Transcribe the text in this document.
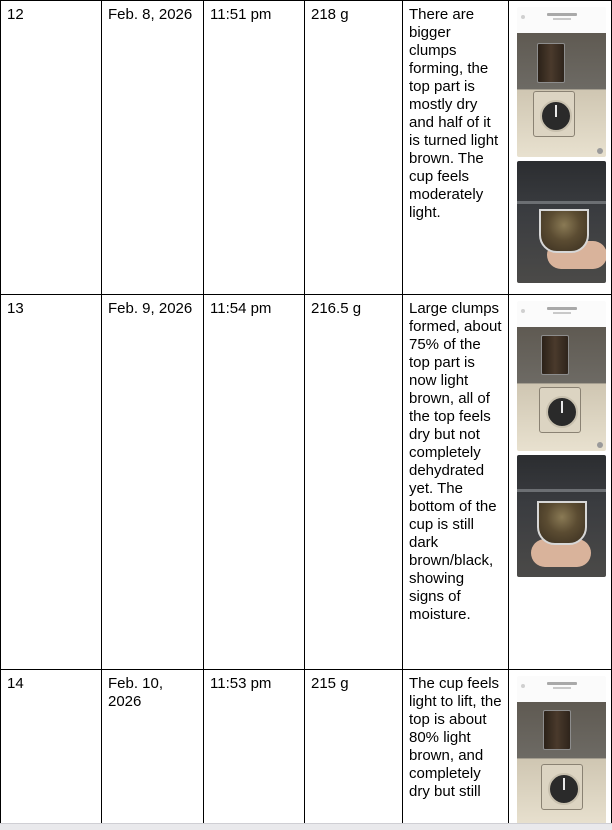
12	Feb. 8, 2026	11:51 pm	218 g	There are bigger clumps forming, the top part is mostly dry and half of it is turned light brown. The cup feels moderately light.	

13	Feb. 9, 2026	11:54 pm	216.5 g	Large clumps formed, about 75% of the top part is now light brown, all of the top feels dry but not completely dehydrated yet. The bottom of the cup is still dark brown/black, showing signs of moisture.	

14	Feb. 10, 2026	11:53 pm	215 g	The cup feels light to lift, the top is about 80% light brown, and completely dry but still	
